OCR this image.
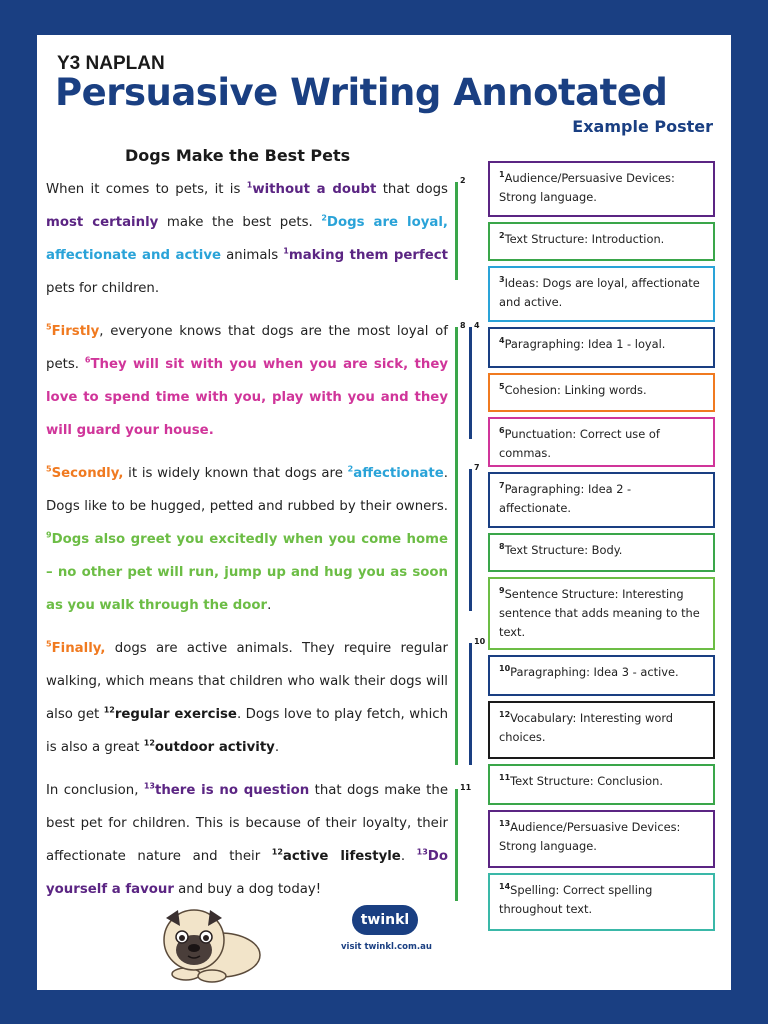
Y3 NAPLAN
Persuasive Writing Annotated
Example Poster
Dogs Make the Best Pets

When it comes to pets, it is $^1$without a doubt that dogs most certainly make the best pets. $^2$Dogs are loyal, affectionate and active animals $^1$making them perfect pets for children.

$^5$Firstly, everyone knows that dogs are the most loyal of pets. $^6$They will sit with you when you are sick, they love to spend time with you, play with you and they will guard your house.

$^5$Secondly, it is widely known that dogs are $^2$affectionate. Dogs like to be hugged, petted and rubbed by their owners. $^9$Dogs also greet you excitedly when you come home – no other pet will run, jump up and hug you as soon as you walk through the door.

$^5$Finally, dogs are active animals. They require regular walking, which means that children who walk their dogs will also get $^{12}$regular exercise. Dogs love to play fetch, which is also a great $^{12}$outdoor activity.

In conclusion, $^{13}$there is no question that dogs make the best pet for children. This is because of their loyalty, their affectionate nature and their $^{12}$active lifestyle. $^{13}$Do yourself a favour and buy a dog today!

2
8 4
7
10
11
$^1$Audience/Persuasive Devices: Strong language.
$^2$Text Structure: Introduction.
$^3$Ideas: Dogs are loyal, affectionate and active.
$^4$Paragraphing: Idea 1 - loyal.
$^5$Cohesion: Linking words.
$^6$Punctuation: Correct use of commas.
$^7$Paragraphing: Idea 2 - affectionate.
$^8$Text Structure: Body.
$^9$Sentence Structure: Interesting sentence that adds meaning to the text.
$^{10}$Paragraphing: Idea 3 - active.
$^{12}$Vocabulary: Interesting word choices.
$^{11}$Text Structure: Conclusion.
$^{13}$Audience/Persuasive Devices: Strong language.
$^{14}$Spelling: Correct spelling throughout text.
twinkl
visit twinkl.com.au
